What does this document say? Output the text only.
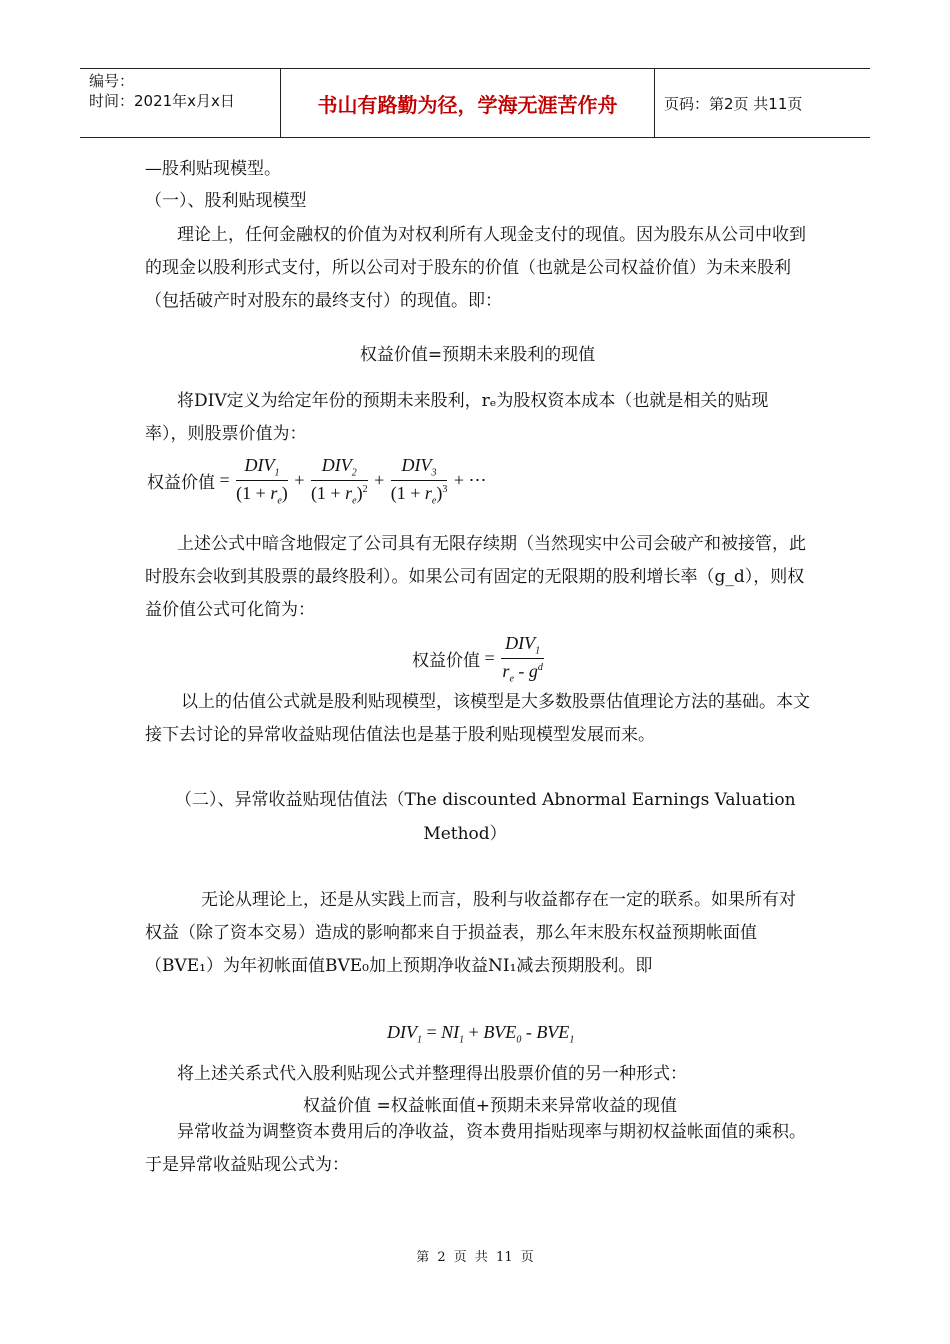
编号：
时间：2021年x月x日	书山有路勤为径，学海无涯苦作舟	页码：第2页 共11页

—股利贴现模型。

（一）、股利贴现模型

理论上，任何金融权的价值为对权利所有人现金支付的现值。因为股东从公司中收到的现金以股利形式支付，所以公司对于股东的价值（也就是公司权益价值）为未来股利（包括破产时对股东的最终支付）的现值。即：

权益价值=预期未来股利的现值

将DIV定义为给定年份的预期未来股利，rₑ为股权资本成本（也就是相关的贴现率），则股票价值为：

权益价值 = $\frac{DIV_1}{(1 + r_e)} + \frac{DIV_2}{(1 + r_e)^2} + \frac{DIV_3}{(1 + r_e)^3}$ + ⋯

上述公式中暗含地假定了公司具有无限存续期（当然现实中公司会破产和被接管，此时股东会收到其股票的最终股利）。如果公司有固定的无限期的股利增长率（g_d），则权益价值公式可化简为：

权益价值 = $\frac{DIV_1}{r_e - g^d}$

以上的估值公式就是股利贴现模型，该模型是大多数股票估值理论方法的基础。本文接下去讨论的异常收益贴现估值法也是基于股利贴现模型发展而来。

（二）、异常收益贴现估值法（The discounted Abnormal Earnings Valuation

Method）

无论从理论上，还是从实践上而言，股利与收益都存在一定的联系。如果所有对权益（除了资本交易）造成的影响都来自于损益表，那么年末股东权益预期帐面值（BVE₁）为年初帐面值BVE₀加上预期净收益NI₁减去预期股利。即

$DIV_1 = NI_1 + BVE_0 - BVE_1$

将上述关系式代入股利贴现公式并整理得出股票价值的另一种形式：

权益价值 =权益帐面值+预期未来异常收益的现值

异常收益为调整资本费用后的净收益，资本费用指贴现率与期初权益帐面值的乘积。于是异常收益贴现公式为：

第 2 页 共 11 页
